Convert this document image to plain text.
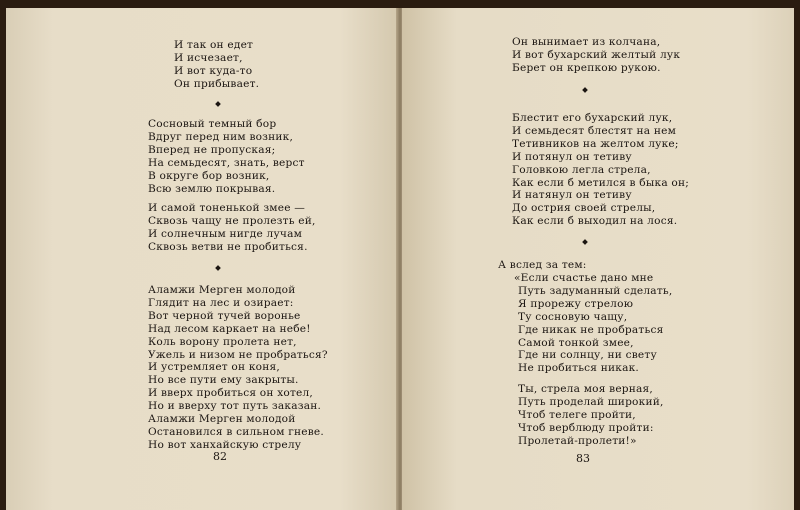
И так он едет
И исчезает,
И вот куда-то
Он прибывает.
Сосновый темный бор
Вдруг перед ним возник,
Вперед не пропуская;
На семьдесят, знать, верст
В округе бор возник,
Всю землю покрывая.
И самой тоненькой змее —
Сквозь чащу не пролезть ей,
И солнечным нигде лучам
Сквозь ветви не пробиться.
Аламжи Мерген молодой
Глядит на лес и озирает:
Вот черной тучей воронье
Над лесом каркает на небе!
Коль ворону пролета нет,
Ужель и низом не пробраться?
И устремляет он коня,
Но все пути ему закрыты.
И вверх пробиться он хотел,
Но и вверху тот путь заказан.
Аламжи Мерген молодой
Остановился в сильном гневе.
Но вот ханхайскую стрелу
82
Он вынимает из колчана,
И вот бухарский желтый лук
Берет он крепкою рукою.
Блестит его бухарский лук,
И семьдесят блестят на нем
Тетивников на желтом луке;
И потянул он тетиву
Головкою легла стрела,
Как если б метился в быка он;
И натянул он тетиву
До острия своей стрелы,
Как если б выходил на лося.
А вслед за тем:
«Если счастье дано мне
Путь задуманный сделать,
Я прорежу стрелою
Ту сосновую чащу,
Где никак не пробраться
Самой тонкой змее,
Где ни солнцу, ни свету
Не пробиться никак.
Ты, стрела моя верная,
Путь проделай широкий,
Чтоб телеге пройти,
Чтоб верблюду пройти:
Пролетай-пролети!»
83
